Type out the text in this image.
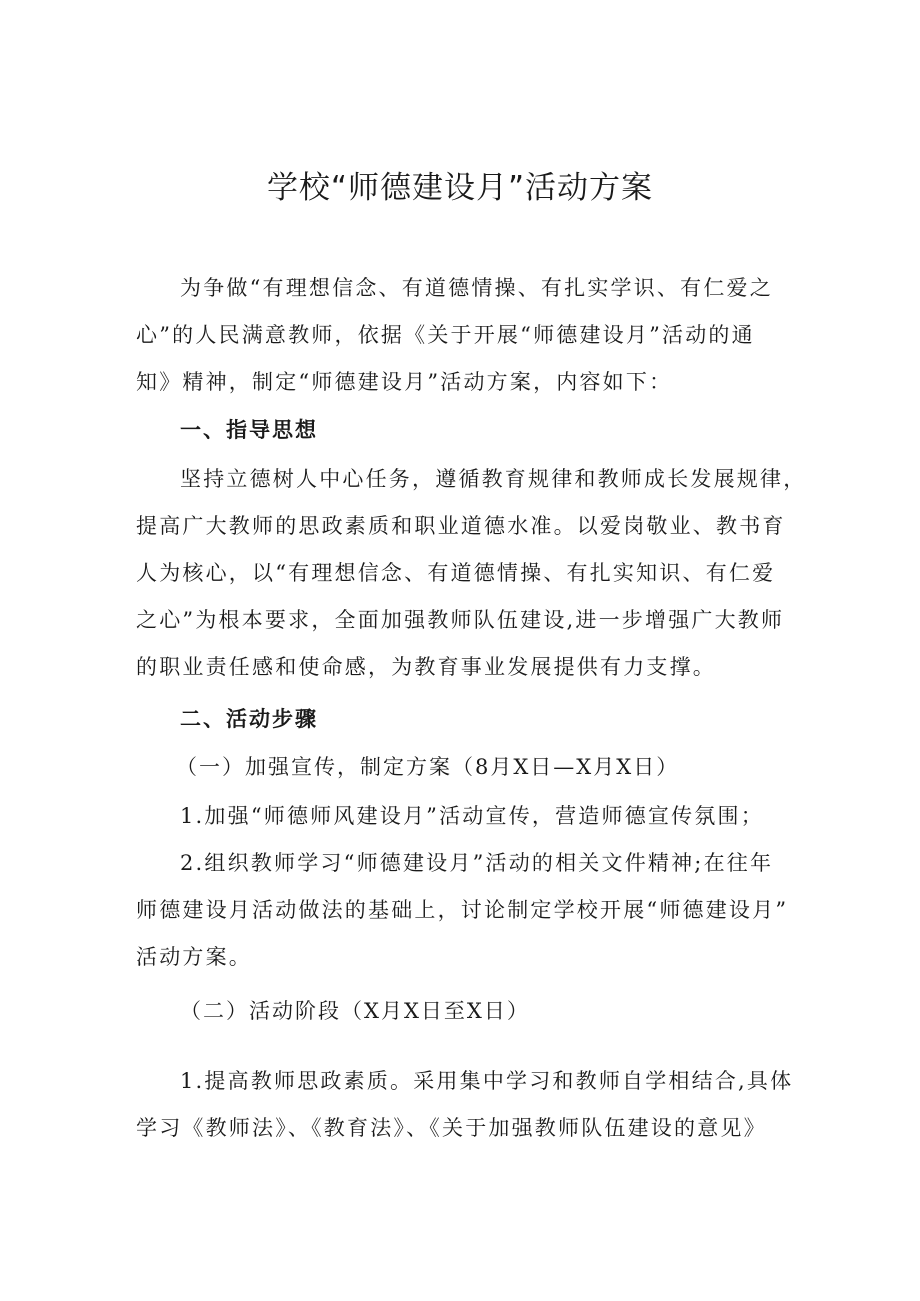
学校“师德建设月”活动方案
为争做“有理想信念、有道德情操、有扎实学识、有仁爱之
心”的人民满意教师，依据《关于开展“师德建设月”活动的通
知》精神，制定“师德建设月”活动方案，内容如下：
一、指导思想
坚持立德树人中心任务，遵循教育规律和教师成长发展规律，
提高广大教师的思政素质和职业道德水准。以爱岗敬业、教书育
人为核心，以“有理想信念、有道德情操、有扎实知识、有仁爱
之心”为根本要求，全面加强教师队伍建设,进一步增强广大教师
的职业责任感和使命感，为教育事业发展提供有力支撑。
二、活动步骤

（一）加强宣传，制定方案（8月X日—X月X日）

1.加强“师德师风建设月”活动宣传，营造师德宣传氛围；
2.组织教师学习“师德建设月”活动的相关文件精神;在往年
师德建设月活动做法的基础上，讨论制定学校开展“师德建设月”
活动方案。

（二）活动阶段（X月X日至X日）

1.提高教师思政素质。采用集中学习和教师自学相结合,具体
学习《教师法》、《教育法》、《关于加强教师队伍建设的意见》
